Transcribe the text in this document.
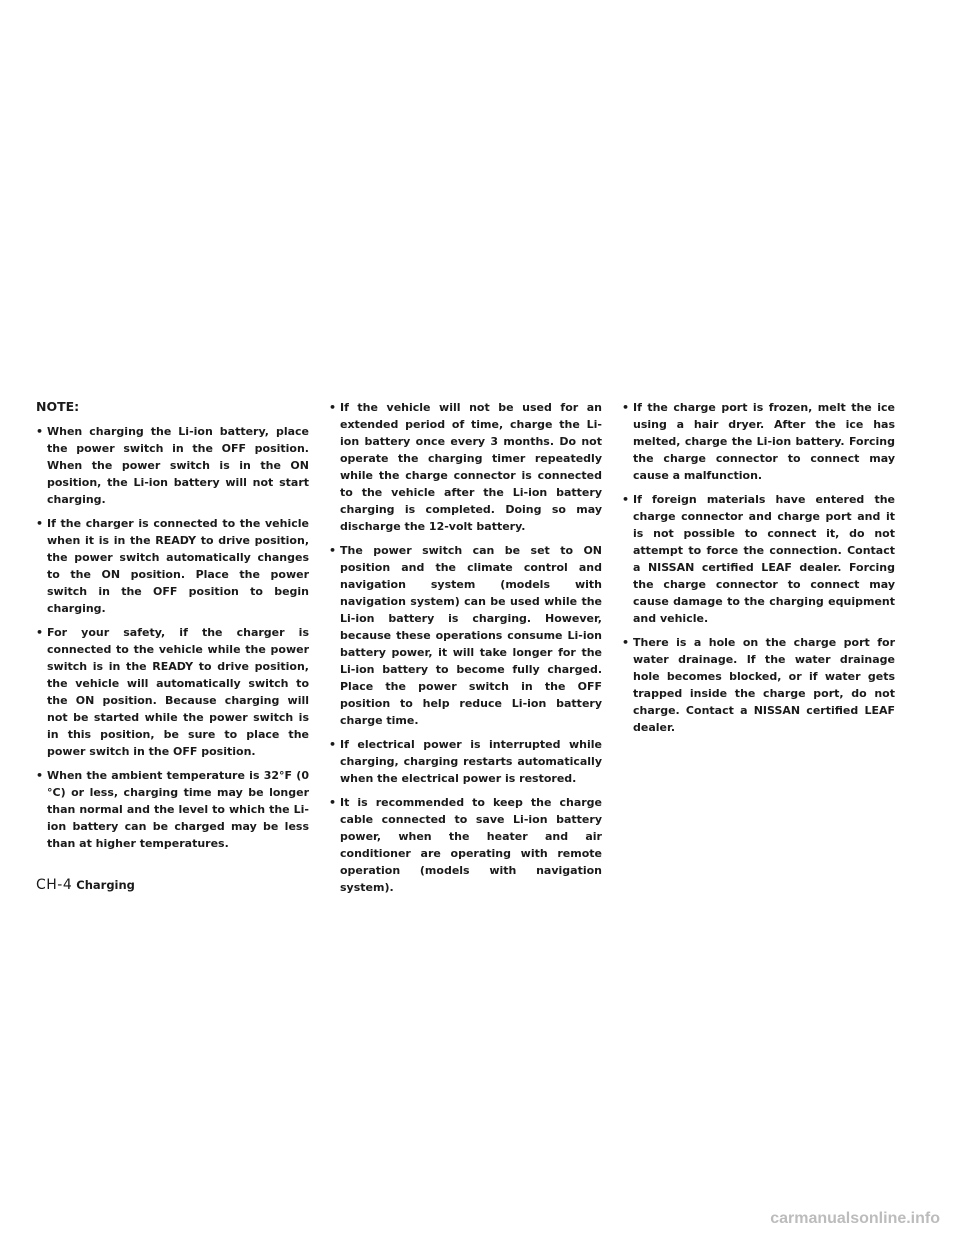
NOTE:
• When charging the Li-ion battery, place the power switch in the OFF position. When the power switch is in the ON position, the Li-ion battery will not start charging.
• If the charger is connected to the vehicle when it is in the READY to drive position, the power switch automatically changes to the ON position. Place the power switch in the OFF position to begin charging.
• For your safety, if the charger is connected to the vehicle while the power switch is in the READY to drive position, the vehicle will automatically switch to the ON position. Because charging will not be started while the power switch is in this position, be sure to place the power switch in the OFF position.
• When the ambient temperature is 32°F (0 °C) or less, charging time may be longer than normal and the level to which the Li-ion battery can be charged may be less than at higher temperatures.
• If the vehicle will not be used for an extended period of time, charge the Li-ion battery once every 3 months. Do not operate the charging timer repeatedly while the charge connector is connected to the vehicle after the Li-ion battery charging is completed. Doing so may discharge the 12-volt battery.
• The power switch can be set to ON position and the climate control and navigation system (models with navigation system) can be used while the Li-ion battery is charging. However, because these operations consume Li-ion battery power, it will take longer for the Li-ion battery to become fully charged. Place the power switch in the OFF position to help reduce Li-ion battery charge time.
• If electrical power is interrupted while charging, charging restarts automatically when the electrical power is restored.
• It is recommended to keep the charge cable connected to save Li-ion battery power, when the heater and air conditioner are operating with remote operation (models with navigation system).
• If the charge port is frozen, melt the ice using a hair dryer. After the ice has melted, charge the Li-ion battery. Forcing the charge connector to connect may cause a malfunction.
• If foreign materials have entered the charge connector and charge port and it is not possible to connect it, do not attempt to force the connection. Contact a NISSAN certified LEAF dealer. Forcing the charge connector to connect may cause damage to the charging equipment and vehicle.
• There is a hole on the charge port for water drainage. If the water drainage hole becomes blocked, or if water gets trapped inside the charge port, do not charge. Contact a NISSAN certified LEAF dealer.
CH-4 Charging
carmanualsonline.info
